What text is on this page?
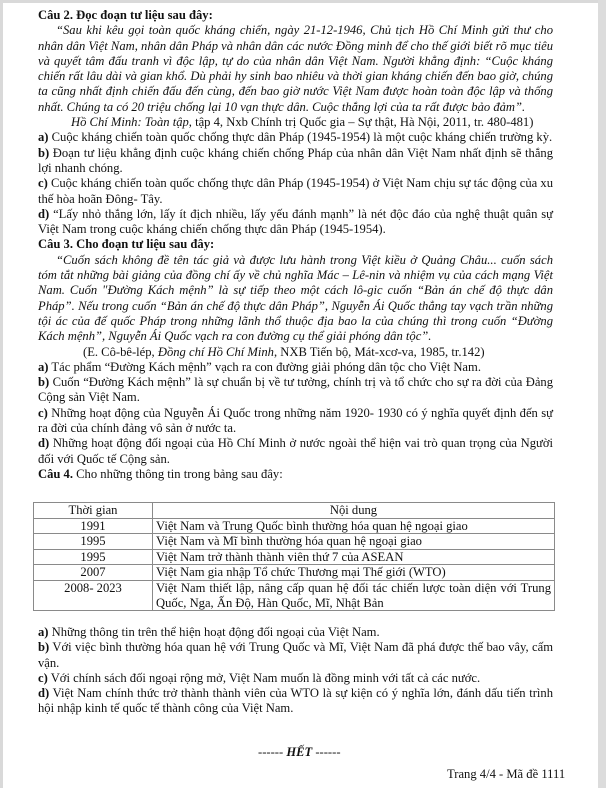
Câu 2. Đọc đoạn tư liệu sau đây:

“Sau khi kêu gọi toàn quốc kháng chiến, ngày 21-12-1946, Chủ tịch Hồ Chí Minh gửi thư cho nhân dân Việt Nam, nhân dân Pháp và nhân dân các nước Đồng minh để cho thế giới biết rõ mục tiêu và quyết tâm đấu tranh vì độc lập, tự do của nhân dân Việt Nam. Người khẳng định: “Cuộc kháng chiến rất lâu dài và gian khổ. Dù phải hy sinh bao nhiêu và thời gian kháng chiến đến bao giờ, chúng ta cũng nhất định chiến đấu đến cùng, đến bao giờ nước Việt Nam được hoàn toàn độc lập và thống nhất. Chúng ta có 20 triệu chống lại 10 vạn thực dân. Cuộc thắng lợi của ta rất được bảo đảm”.

Hồ Chí Minh: Toàn tập, tập 4, Nxb Chính trị Quốc gia – Sự thật, Hà Nội, 2011, tr. 480-481)

a) Cuộc kháng chiến toàn quốc chống thực dân Pháp (1945-1954) là một cuộc kháng chiến trường kỳ.

b) Đoạn tư liệu khẳng định cuộc kháng chiến chống Pháp của nhân dân Việt Nam nhất định sẽ thắng lợi nhanh chóng.

c) Cuộc kháng chiến toàn quốc chống thực dân Pháp (1945-1954) ở Việt Nam chịu sự tác động của xu thế hòa hoãn Đông- Tây.

d) “Lấy nhỏ thắng lớn, lấy ít địch nhiều, lấy yếu đánh mạnh” là nét độc đáo của nghệ thuật quân sự Việt Nam trong cuộc kháng chiến chống thực dân Pháp (1945-1954).

Câu 3. Cho đoạn tư liệu sau đây:

“Cuốn sách không đề tên tác giả và được lưu hành trong Việt kiều ở Quảng Châu... cuốn sách tóm tắt những bài giảng của đồng chí ấy về chủ nghĩa Mác – Lê-nin và nhiệm vụ của cách mạng Việt Nam. Cuốn "Đường Kách mệnh” là sự tiếp theo một cách lô-gic cuốn “Bản án chế độ thực dân Pháp”. Nếu trong cuốn “Bản án chế độ thực dân Pháp”, Nguyễn Ái Quốc thẳng tay vạch trần những tội ác của đế quốc Pháp trong những lãnh thổ thuộc địa bao la của chúng thì trong cuốn “Đường Kách mệnh”, Nguyễn Ái Quốc vạch ra con đường cụ thể giải phóng dân tộc”.

(E. Cô-bê-lép, Đồng chí Hồ Chí Minh, NXB Tiến bộ, Mát-xcơ-va, 1985, tr.142)

a) Tác phẩm “Đường Kách mệnh” vạch ra con đường giải phóng dân tộc cho Việt Nam.

b) Cuốn “Đường Kách mệnh” là sự chuẩn bị về tư tưởng, chính trị và tổ chức cho sự ra đời của Đảng Cộng sản Việt Nam.

c) Những hoạt động của Nguyễn Ái Quốc trong những năm 1920- 1930 có ý nghĩa quyết định đến sự ra đời của chính đảng vô sản ở nước ta.

d) Những hoạt động đối ngoại của Hồ Chí Minh ở nước ngoài thể hiện vai trò quan trọng của Người đối với Quốc tế Cộng sản.

Câu 4. Cho những thông tin trong bảng sau đây:

Thời gian	Nội dung
1991	Việt Nam và Trung Quốc bình thường hóa quan hệ ngoại giao
1995	Việt Nam và Mĩ bình thường hóa quan hệ ngoại giao
1995	Việt Nam trở thành thành viên thứ 7 của ASEAN
2007	Việt Nam gia nhập Tổ chức Thương mại Thế giới (WTO)
2008- 2023	Việt Nam thiết lập, nâng cấp quan hệ đối tác chiến lược toàn diện với Trung Quốc, Nga, Ấn Độ, Hàn Quốc, Mĩ, Nhật Bản

a) Những thông tin trên thể hiện hoạt động đối ngoại của Việt Nam.

b) Với việc bình thường hóa quan hệ với Trung Quốc và Mĩ, Việt Nam đã phá được thế bao vây, cấm vận.

c) Với chính sách đối ngoại rộng mở, Việt Nam muốn là đồng minh với tất cả các nước.

d) Việt Nam chính thức trở thành thành viên của WTO là sự kiện có ý nghĩa lớn, đánh dấu tiến trình hội nhập kinh tế quốc tế thành công của Việt Nam.

------ HẾT ------
Trang 4/4 - Mã đề 1111
